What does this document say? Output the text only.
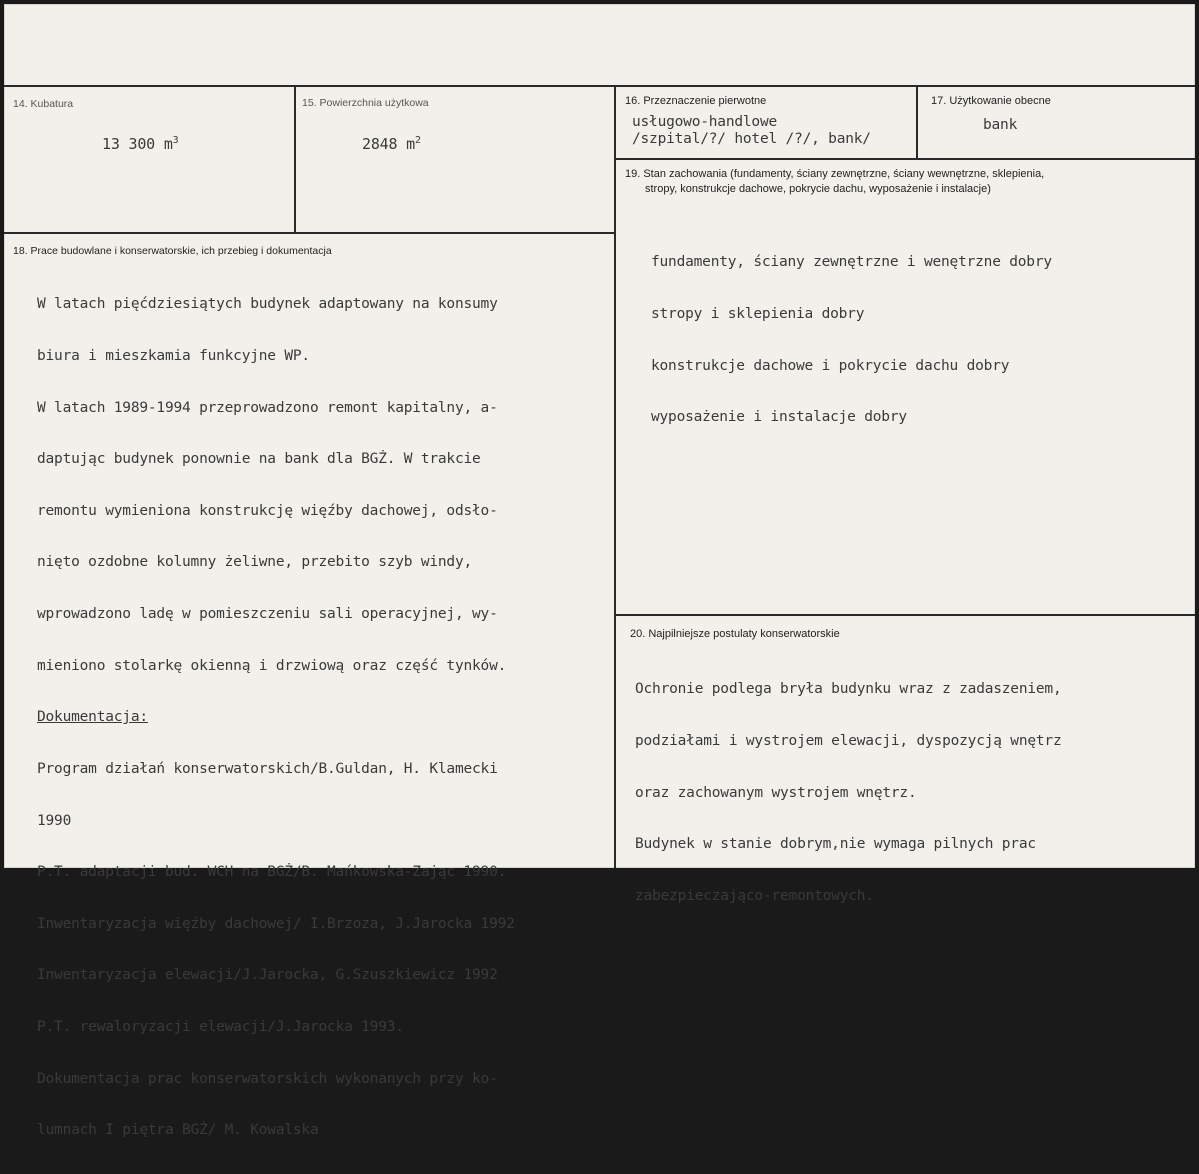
14. Kubatura
13 300 $m^3$
15. Powierzchnia użytkowa
2848 $m^2$
16. Przeznaczenie pierwotne
usługowo-handlowe
/szpital/?/ hotel /?/, bank/
17. Użytkowanie obecne
bank
18. Prace budowlane i konserwatorskie, ich przebieg i dokumentacja

W latach pięćdziesiątych budynek adaptowany na konsumy

biura i mieszkamia funkcyjne WP.

W latach 1989-1994 przeprowadzono remont kapitalny, a-

daptując budynek ponownie na bank dla BGŻ. W trakcie

remontu wymieniona konstrukcję więźby dachowej, odsło-

nięto ozdobne kolumny żeliwne, przebito szyb windy,

wprowadzono ladę w pomieszczeniu sali operacyjnej, wy-

mieniono stolarkę okienną i drzwiową oraz część tynków.

Dokumentacja:

Program działań konserwatorskich/B.Guldan, H. Klamecki

1990

P.T. adaptacji bud. WCH na BGŻ/B. Mańkowska-Zając 1990.

Inwentaryzacja więźby dachowej/ I.Brzoza, J.Jarocka 1992

Inwentaryzacja elewacji/J.Jarocka, G.Szuszkiewicz 1992

P.T. rewaloryzacji elewacji/J.Jarocka 1993.

Dokumentacja prac konserwatorskich wykonanych przy ko-

lumnach I piętra BGŻ/ M. Kowalska

19. Stan zachowania (fundamenty, ściany zewnętrzne, ściany wewnętrzne, sklepienia,
stropy, konstrukcje dachowe, pokrycie dachu, wyposażenie i instalacje)

fundamenty, ściany zewnętrzne i wenętrzne dobry

stropy i sklepienia dobry

konstrukcje dachowe i pokrycie dachu dobry

wyposażenie i instalacje dobry

20. Najpilniejsze postulaty konserwatorskie

Ochronie podlega bryła budynku wraz z zadaszeniem,

podziałami i wystrojem elewacji, dyspozycją wnętrz

oraz zachowanym wystrojem wnętrz.

Budynek w stanie dobrym,nie wymaga pilnych prac

zabezpieczająco-remontowych.
